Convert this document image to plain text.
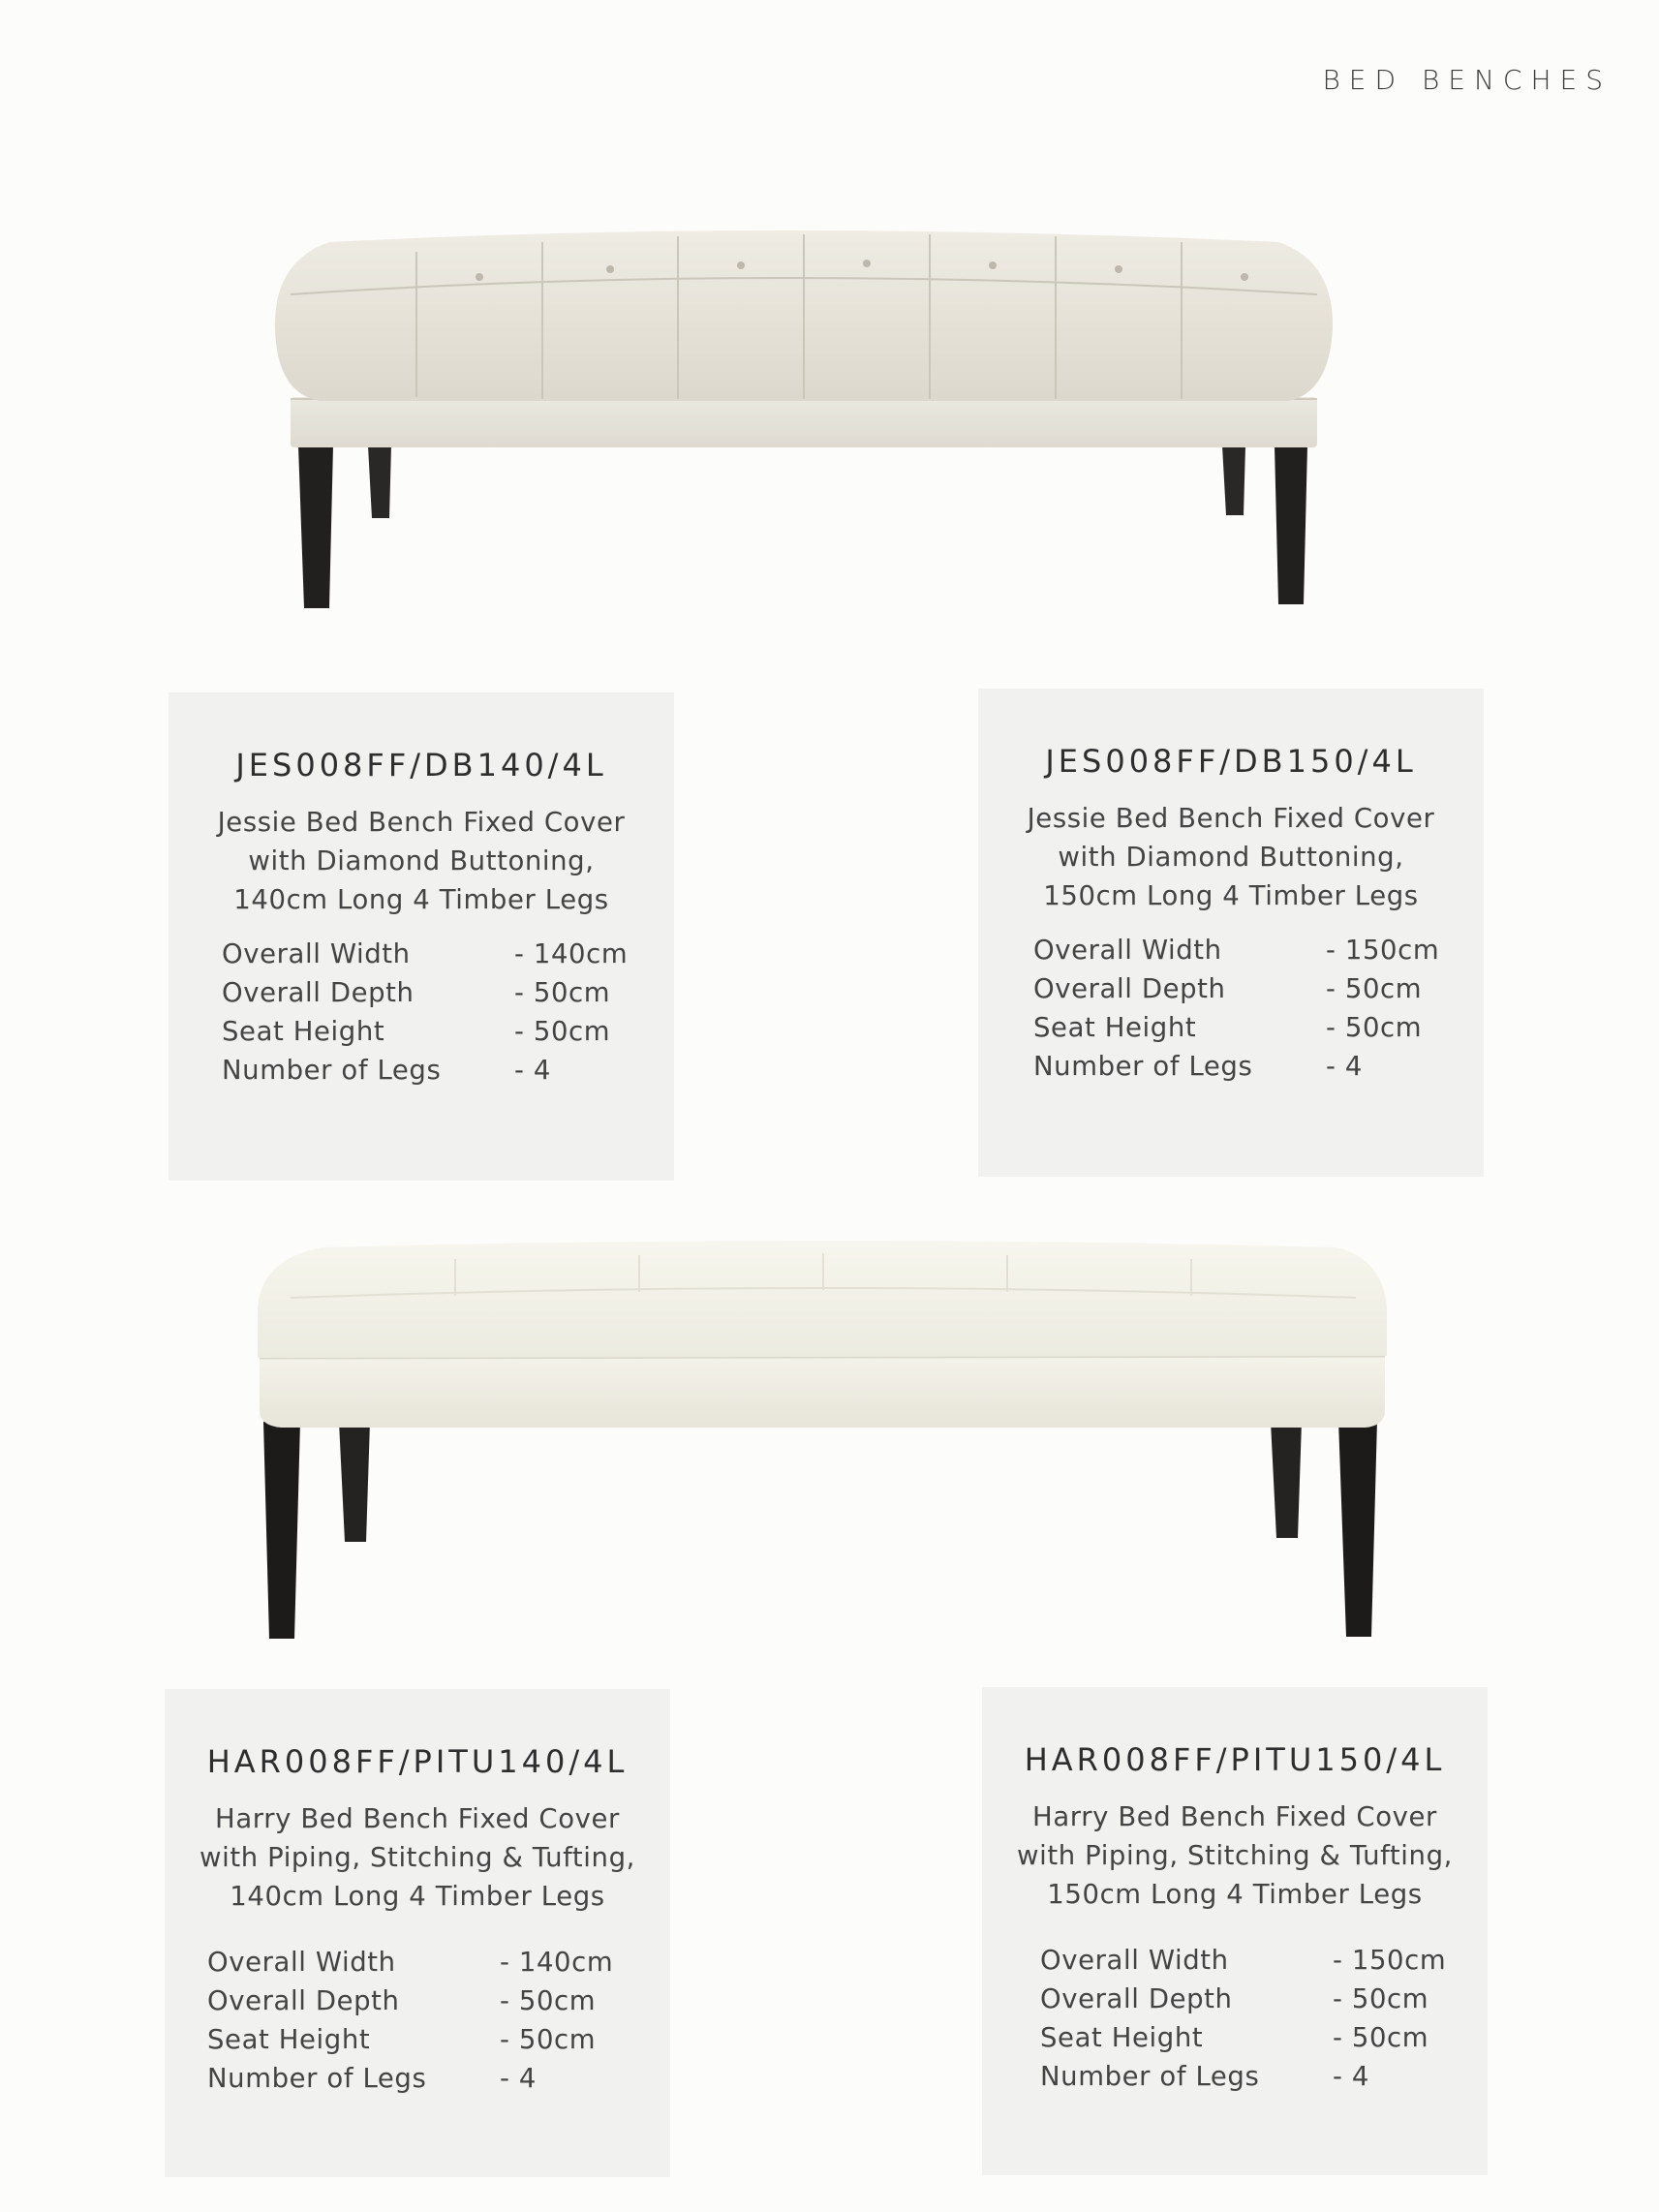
BED BENCHES
JES008FF/DB140/4L
Jessie Bed Bench Fixed Cover
with Diamond Buttoning,
140cm Long 4 Timber Legs
Overall Width	- 140cm
Overall Depth	- 50cm
Seat Height	- 50cm
Number of Legs	- 4
JES008FF/DB150/4L
Jessie Bed Bench Fixed Cover
with Diamond Buttoning,
150cm Long 4 Timber Legs
Overall Width	- 150cm
Overall Depth	- 50cm
Seat Height	- 50cm
Number of Legs	- 4
HAR008FF/PITU140/4L
Harry Bed Bench Fixed Cover
with Piping, Stitching & Tufting,
140cm Long 4 Timber Legs
Overall Width	- 140cm
Overall Depth	- 50cm
Seat Height	- 50cm
Number of Legs	- 4
HAR008FF/PITU150/4L
Harry Bed Bench Fixed Cover
with Piping, Stitching & Tufting,
150cm Long 4 Timber Legs
Overall Width	- 150cm
Overall Depth	- 50cm
Seat Height	- 50cm
Number of Legs	- 4
